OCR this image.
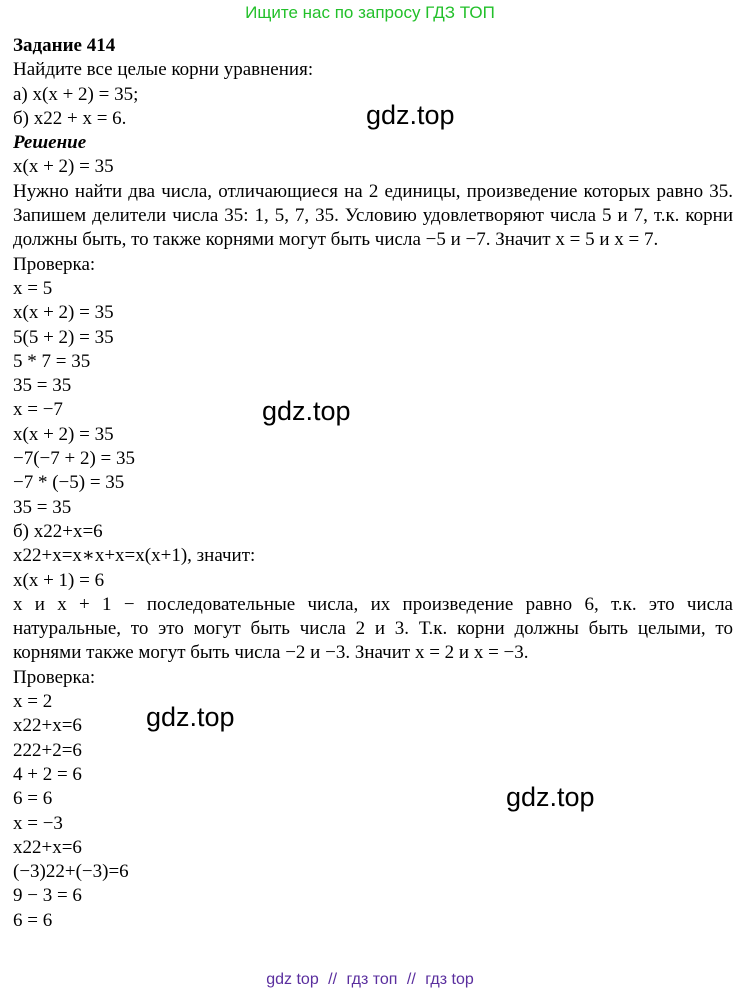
Ищите нас по запросу ГДЗ ТОП

Задание 414

Найдите все целые корни уравнения:

а) x(x + 2) = 35;

б) x22 + x = 6.

Решение

x(x + 2) = 35

Нужно найти два числа, отличающиеся на 2 единицы, произведение которых равно 35. Запишем делители числа 35: 1, 5, 7, 35. Условию удовлетворяют числа 5 и 7, т.к. корни должны быть, то также корнями могут быть числа −5 и −7. Значит x = 5 и x = 7.

Проверка:

x = 5

x(x + 2) = 35

5(5 + 2) = 35

5 * 7 = 35

35 = 35

x = −7

x(x + 2) = 35

−7(−7 + 2) = 35

−7 * (−5) = 35

35 = 35

б) x22+x=6

x22+x=x∗x+x=x(x+1), значит:

x(x + 1) = 6

x и x + 1 − последовательные числа, их произведение равно 6, т.к. это числа натуральные, то это могут быть числа 2 и 3. Т.к. корни должны быть целыми, то корнями также могут быть числа −2 и −3. Значит x = 2 и x = −3.

Проверка:

x = 2

x22+x=6

222+2=6

4 + 2 = 6

6 = 6

x = −3

x22+x=6

(−3)22+(−3)=6

9 − 3 = 6

6 = 6

gdz.top
gdz.top
gdz.top
gdz.top
gdz top // гдз топ // гдз top
